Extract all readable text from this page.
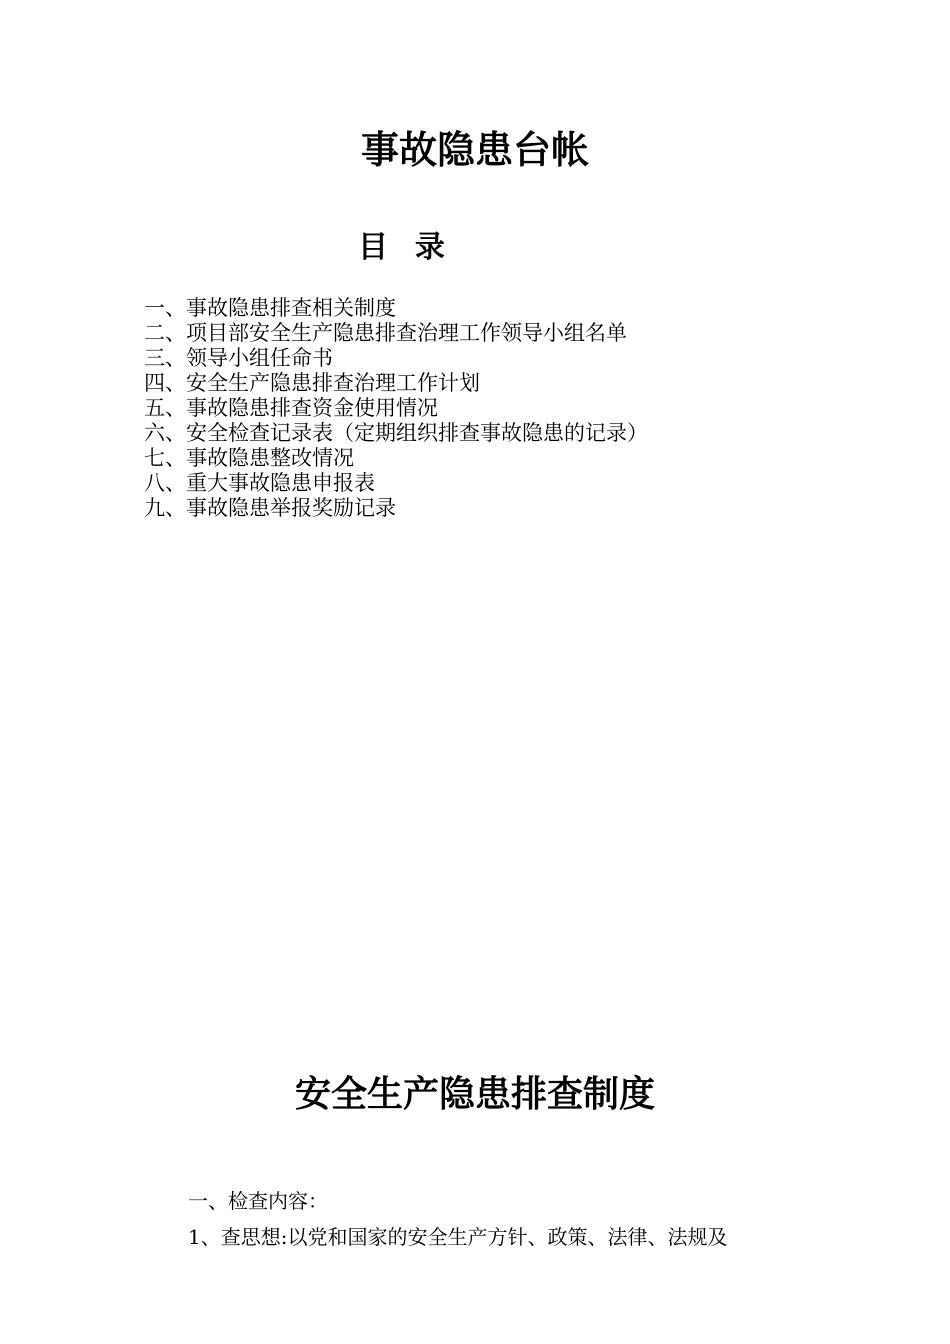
事故隐患台帐
目  录
一、事故隐患排查相关制度
二、项目部安全生产隐患排查治理工作领导小组名单
三、领导小组任命书
四、安全生产隐患排查治理工作计划
五、事故隐患排查资金使用情况
六、安全检查记录表（定期组织排查事故隐患的记录）
七、事故隐患整改情况
八、重大事故隐患申报表
九、事故隐患举报奖励记录
安全生产隐患排查制度

一、检查内容：

1、查思想:以党和国家的安全生产方针、政策、法律、法规及
